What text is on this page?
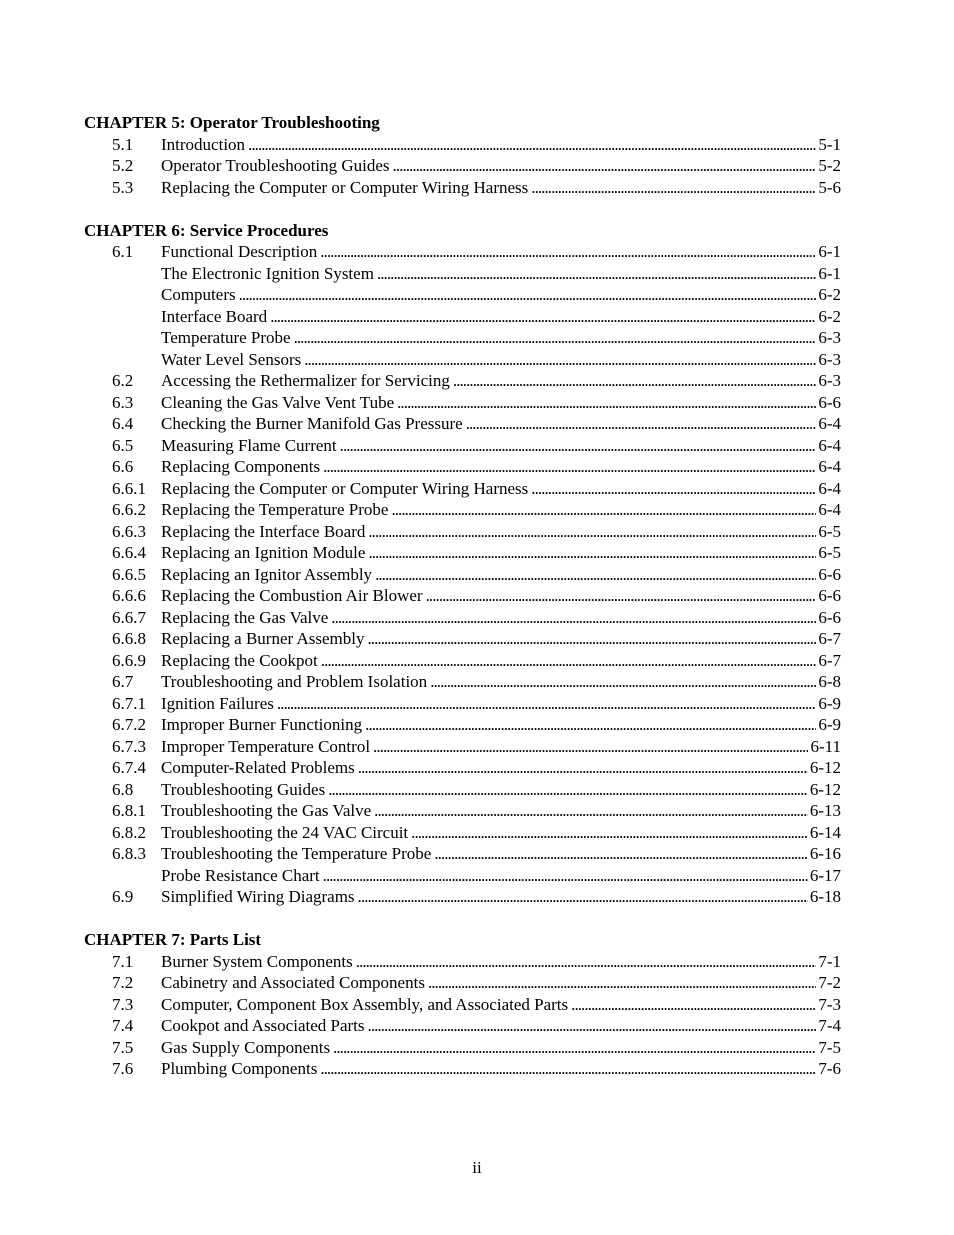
CHAPTER 5: Operator Troubleshooting
5.1 Introduction . . .	5-1
5.2 Operator Troubleshooting Guides . . .	5-2
5.3 Replacing the Computer or Computer Wiring Harness . . .	5-6
CHAPTER 6: Service Procedures
6.1 Functional Description . . .	6-1
The Electronic Ignition System . . .	6-1
Computers . . .	6-2
Interface Board . . .	6-2
Temperature Probe . . .	6-3
Water Level Sensors . . .	6-3
6.2 Accessing the Rethermalizer for Servicing . . .	6-3
6.3 Cleaning the Gas Valve Vent Tube . . .	6-6
6.4 Checking the Burner Manifold Gas Pressure . . .	6-4
6.5 Measuring Flame Current . . .	6-4
6.6 Replacing Components . . .	6-4
6.6.1 Replacing the Computer or Computer Wiring Harness . . .	6-4
6.6.2 Replacing the Temperature Probe . . .	6-4
6.6.3 Replacing the Interface Board . . .	6-5
6.6.4 Replacing an Ignition Module . . .	6-5
6.6.5 Replacing an Ignitor Assembly . . .	6-6
6.6.6 Replacing the Combustion Air Blower . . .	6-6
6.6.7 Replacing the Gas Valve . . .	6-6
6.6.8 Replacing a Burner Assembly . . .	6-7
6.6.9 Replacing the Cookpot . . .	6-7
6.7 Troubleshooting and Problem Isolation . . .	6-8
6.7.1 Ignition Failures . . .	6-9
6.7.2 Improper Burner Functioning . . .	6-9
6.7.3 Improper Temperature Control . . .	6-11
6.7.4 Computer-Related Problems . . .	6-12
6.8 Troubleshooting Guides . . .	6-12
6.8.1 Troubleshooting the Gas Valve . . .	6-13
6.8.2 Troubleshooting the 24 VAC Circuit . . .	6-14
6.8.3 Troubleshooting the Temperature Probe . . .	6-16
Probe Resistance Chart . . .	6-17
6.9 Simplified Wiring Diagrams . . .	6-18
CHAPTER 7: Parts List
7.1 Burner System Components . . .	7-1
7.2 Cabinetry and Associated Components . . .	7-2
7.3 Computer, Component Box Assembly, and Associated Parts . . .	7-3
7.4 Cookpot and Associated Parts . . .	7-4
7.5 Gas Supply Components . . .	7-5
7.6 Plumbing Components . . .	7-6
ii
